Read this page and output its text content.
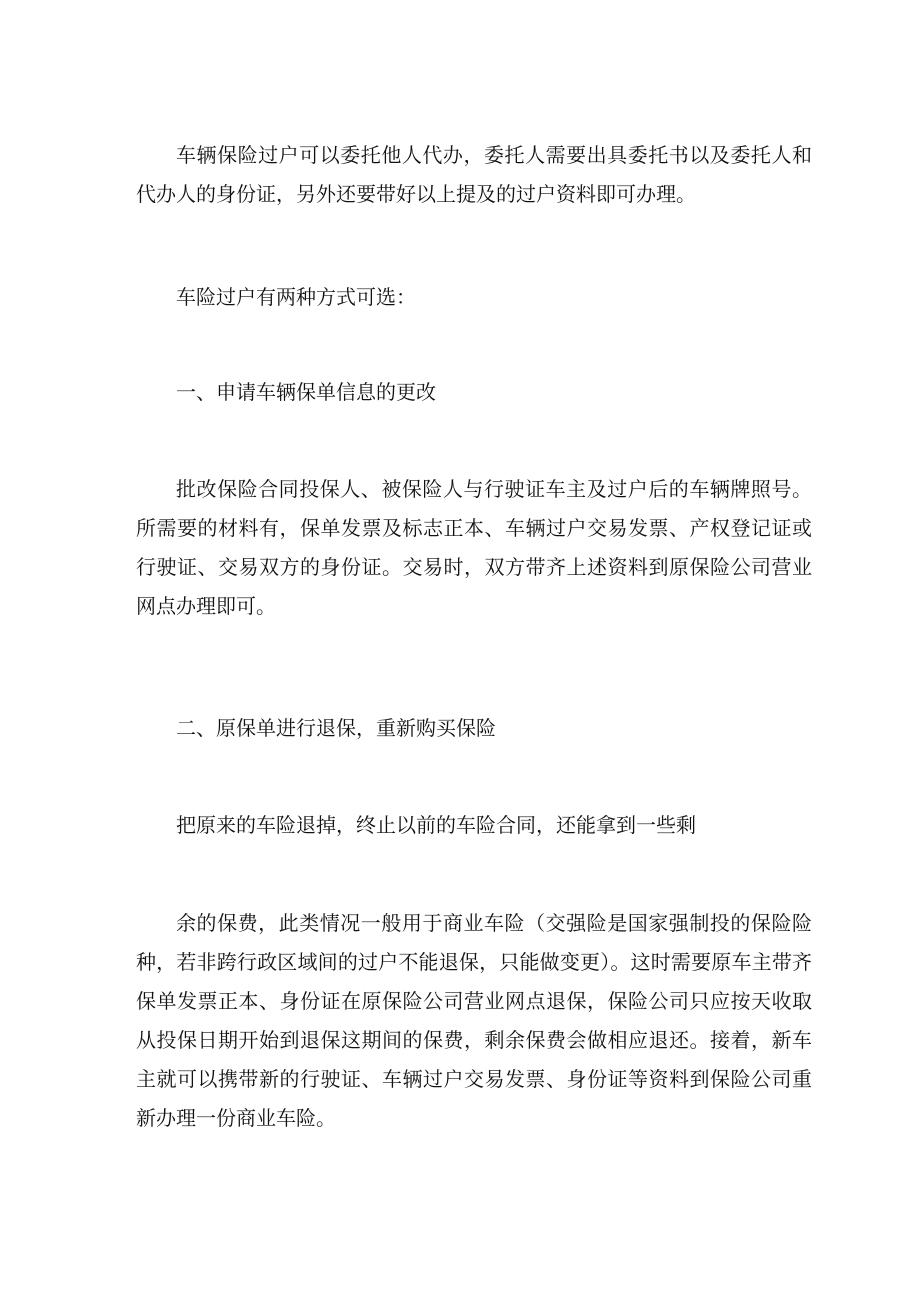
车辆保险过户可以委托他人代办，委托人需要出具委托书以及委托人和代办人的身份证，另外还要带好以上提及的过户资料即可办理。

车险过户有两种方式可选：

一、申请车辆保单信息的更改

批改保险合同投保人、被保险人与行驶证车主及过户后的车辆牌照号。所需要的材料有，保单发票及标志正本、车辆过户交易发票、产权登记证或行驶证、交易双方的身份证。交易时，双方带齐上述资料到原保险公司营业网点办理即可。

二、原保单进行退保，重新购买保险

把原来的车险退掉，终止以前的车险合同，还能拿到一些剩

余的保费，此类情况一般用于商业车险（交强险是国家强制投的保险险种，若非跨行政区域间的过户不能退保，只能做变更）。这时需要原车主带齐保单发票正本、身份证在原保险公司营业网点退保，保险公司只应按天收取从投保日期开始到退保这期间的保费，剩余保费会做相应退还。接着，新车主就可以携带新的行驶证、车辆过户交易发票、身份证等资料到保险公司重新办理一份商业车险。
